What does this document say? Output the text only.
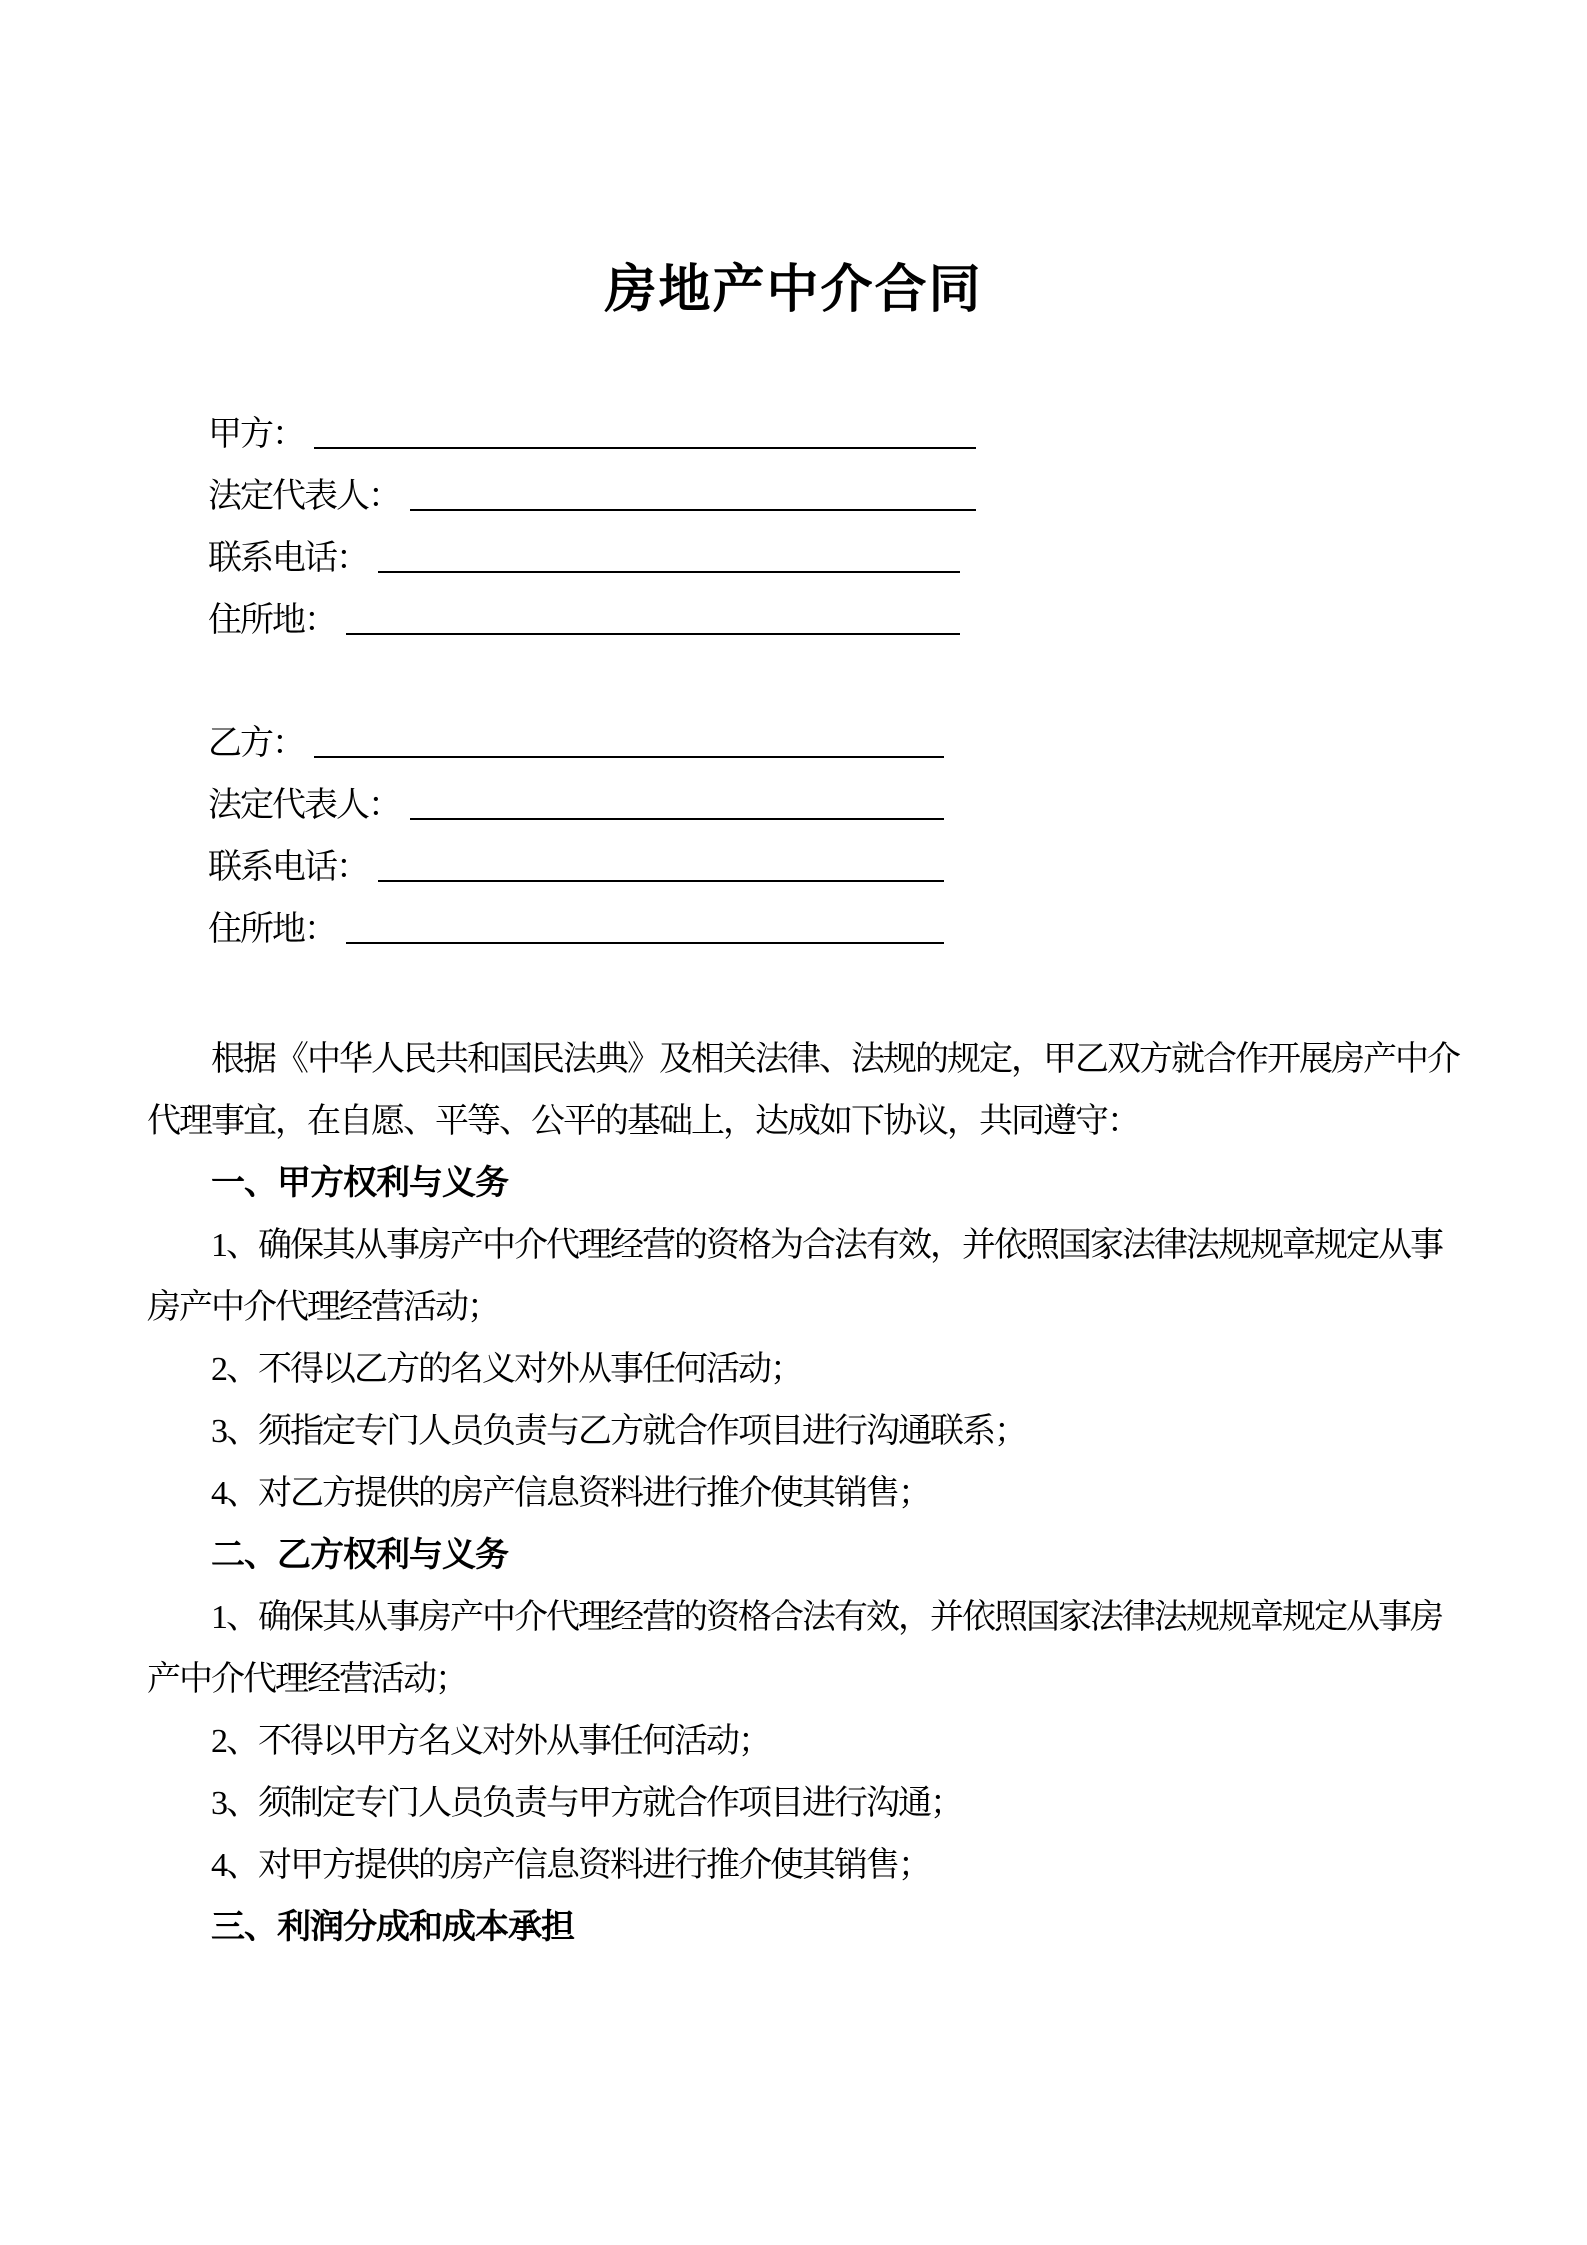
房地产中介合同
甲方：
法定代表人：
联系电话：
住所地：
乙方：
法定代表人：
联系电话：
住所地：
根据《中华人民共和国民法典》及相关法律、法规的规定，甲乙双方就合作开展房产中介
代理事宜，在自愿、平等、公平的基础上，达成如下协议，共同遵守：
一、甲方权利与义务
1、确保其从事房产中介代理经营的资格为合法有效，并依照国家法律法规规章规定从事
房产中介代理经营活动；
2、不得以乙方的名义对外从事任何活动；
3、须指定专门人员负责与乙方就合作项目进行沟通联系；
4、对乙方提供的房产信息资料进行推介使其销售；
二、乙方权利与义务
1、确保其从事房产中介代理经营的资格合法有效，并依照国家法律法规规章规定从事房
产中介代理经营活动；
2、不得以甲方名义对外从事任何活动；
3、须制定专门人员负责与甲方就合作项目进行沟通；
4、对甲方提供的房产信息资料进行推介使其销售；
三、利润分成和成本承担
